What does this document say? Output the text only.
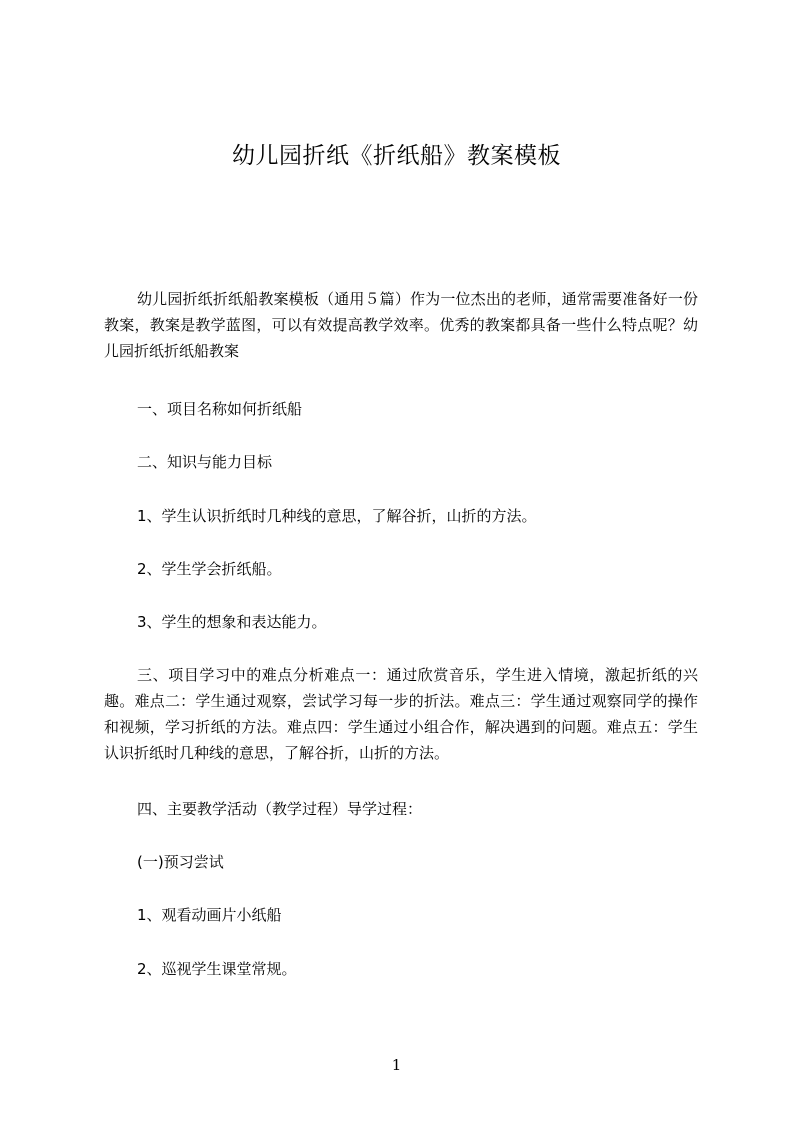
幼儿园折纸《折纸船》教案模板

幼儿园折纸折纸船教案模板（通用５篇）作为一位杰出的老师，通常需要准备好一份教案，教案是教学蓝图，可以有效提高教学效率。优秀的教案都具备一些什么特点呢？幼儿园折纸折纸船教案

一、项目名称如何折纸船

二、知识与能力目标

1、学生认识折纸时几种线的意思，了解谷折，山折的方法。

2、学生学会折纸船。

3、学生的想象和表达能力。

三、项目学习中的难点分析难点一：通过欣赏音乐，学生进入情境，激起折纸的兴趣。难点二：学生通过观察，尝试学习每一步的折法。难点三：学生通过观察同学的操作和视频，学习折纸的方法。难点四：学生通过小组合作，解决遇到的问题。难点五：学生认识折纸时几种线的意思，了解谷折，山折的方法。

四、主要教学活动（教学过程）导学过程：

(一)预习尝试

1、观看动画片小纸船

2、巡视学生课堂常规。

1
